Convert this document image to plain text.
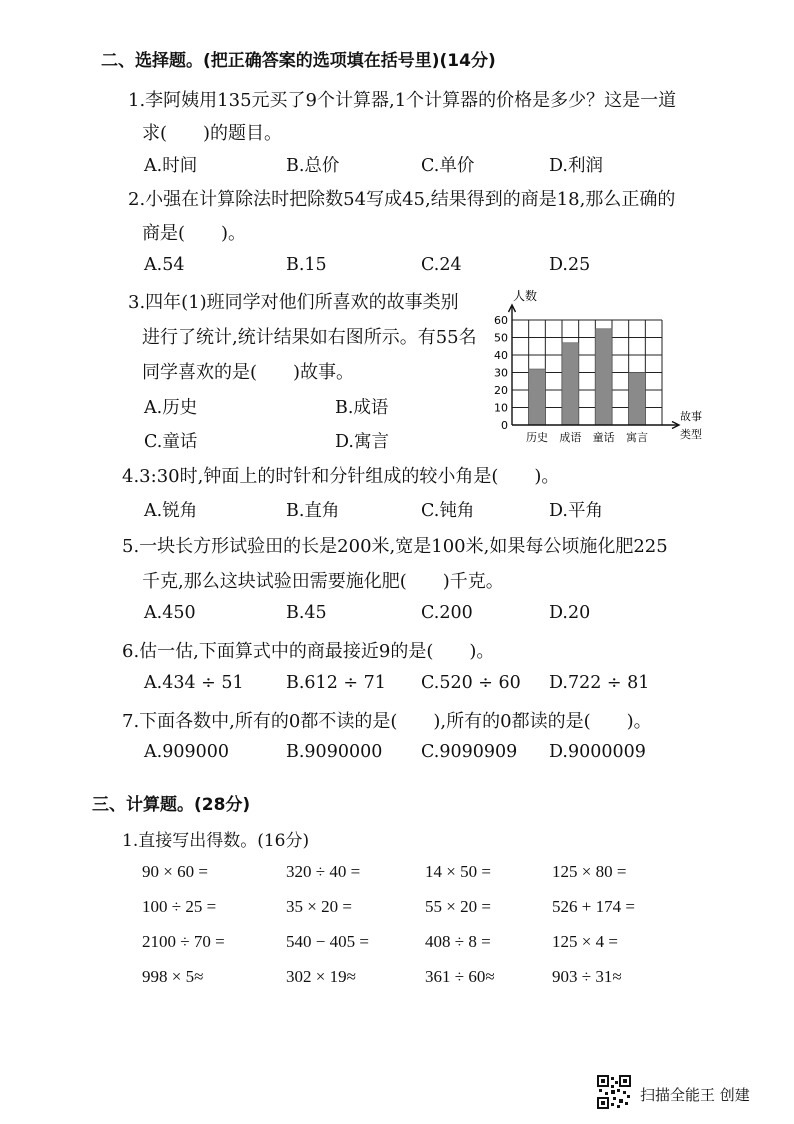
二、选择题。(把正确答案的选项填在括号里)(14分)
1.李阿姨用135元买了9个计算器,1个计算器的价格是多少？这是一道
求(　　)的题目。
A.时间	B.总价	C.单价	D.利润
2.小强在计算除法时把除数54写成45,结果得到的商是18,那么正确的
商是(　　)。
A.54	B.15	C.24	D.25
3.四年(1)班同学对他们所喜欢的故事类别
进行了统计,统计结果如右图所示。有55名
同学喜欢的是(　　)故事。
A.历史	B.成语
C.童话	D.寓言
0
10
20
30
40
50
60
历史 成语 童话 寓言
人数
故事
类型
4.3:30时,钟面上的时针和分针组成的较小角是(　　)。
A.锐角	B.直角	C.钝角	D.平角
5.一块长方形试验田的长是200米,宽是100米,如果每公顷施化肥225
千克,那么这块试验田需要施化肥(　　)千克。
A.450	B.45	C.200	D.20
6.估一估,下面算式中的商最接近9的是(　　)。
A.434 ÷ 51 B.612 ÷ 71 C.520 ÷ 60 D.722 ÷ 81
7.下面各数中,所有的0都不读的是(　　),所有的0都读的是(　　)。
A.909000	B.9090000 C.9090909 D.9000009
三、计算题。(28分)
1.直接写出得数。(16分)
90 × 60 =	320 ÷ 40 =	14 × 50 =	125 × 80 =
100 ÷ 25 =	35 × 20 =	55 × 20 =	526 + 174 =
2100 ÷ 70 =	540 − 405 =	408 ÷ 8 =	125 × 4 =
998 × 5≈	302 × 19≈	361 ÷ 60≈	903 ÷ 31≈
扫描全能王 创建
